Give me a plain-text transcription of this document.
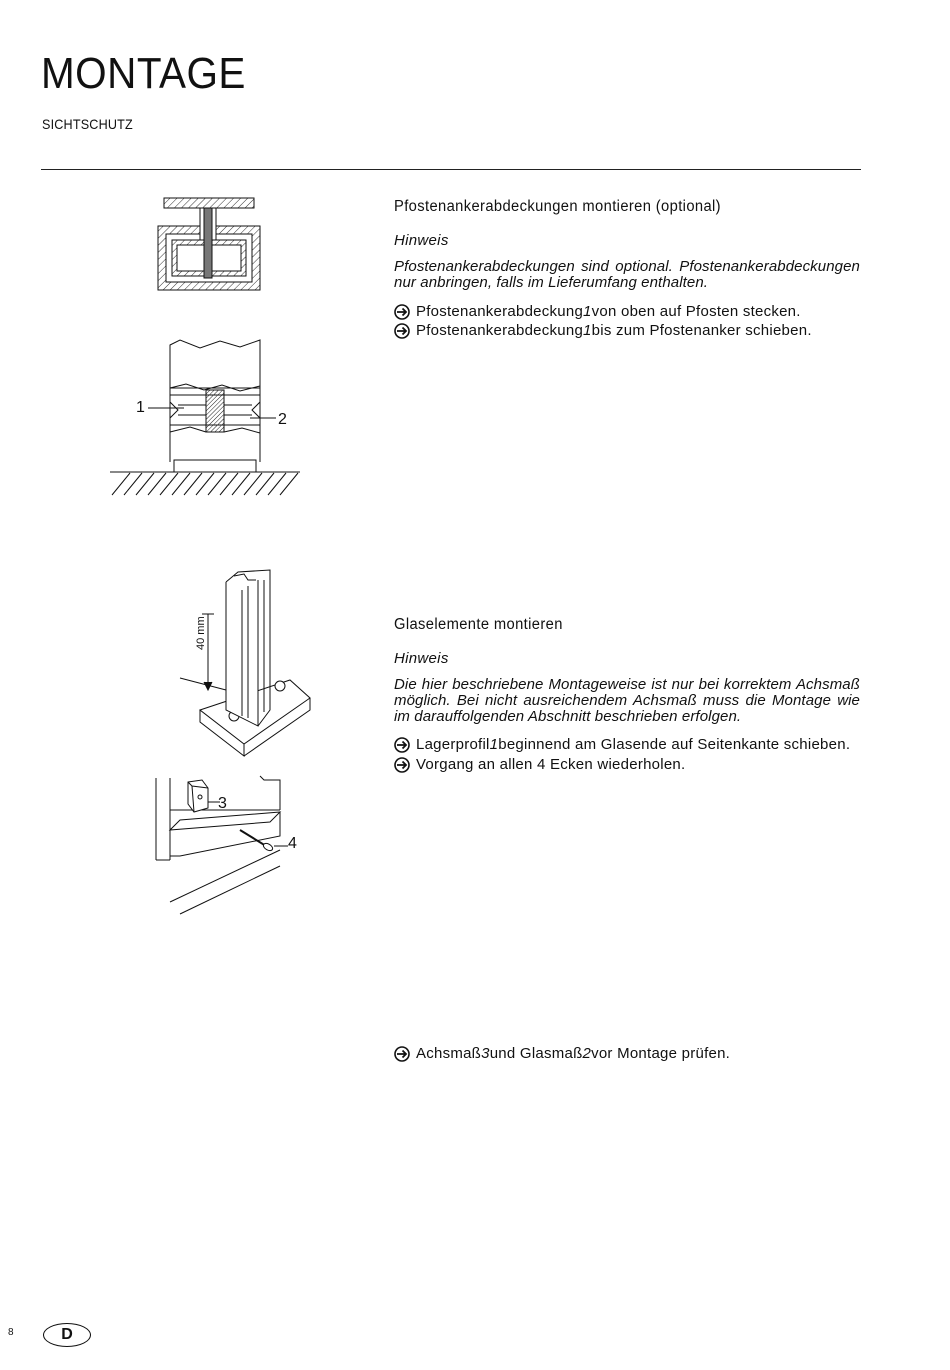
MONTAGE
SICHTSCHUTZ
1
2
Pfostenankerabdeckungen montieren (optional)
Hinweis
Pfostenankerabdeckungen sind optional. Pfostenankerabdeckungen nur anbringen, falls im Lieferumfang enthalten.
Pfostenankerabdeckung 1 von oben auf Pfosten stecken.
Pfostenankerabdeckung 1 bis zum Pfostenanker schieben.
40 mm
3
4
Glaselemente montieren
Hinweis
Die hier beschriebene Montageweise ist nur bei korrektem Achsmaß möglich. Bei nicht ausreichendem Achsmaß muss die Montage wie im darauffolgenden Abschnitt beschrieben erfolgen.
Lagerprofil 1 beginnend am Glasende auf Seitenkante schieben.
Vorgang an allen 4 Ecken wiederholen.
Achsmaß 3 und Glasmaß 2 vor Montage prüfen.
8	D
